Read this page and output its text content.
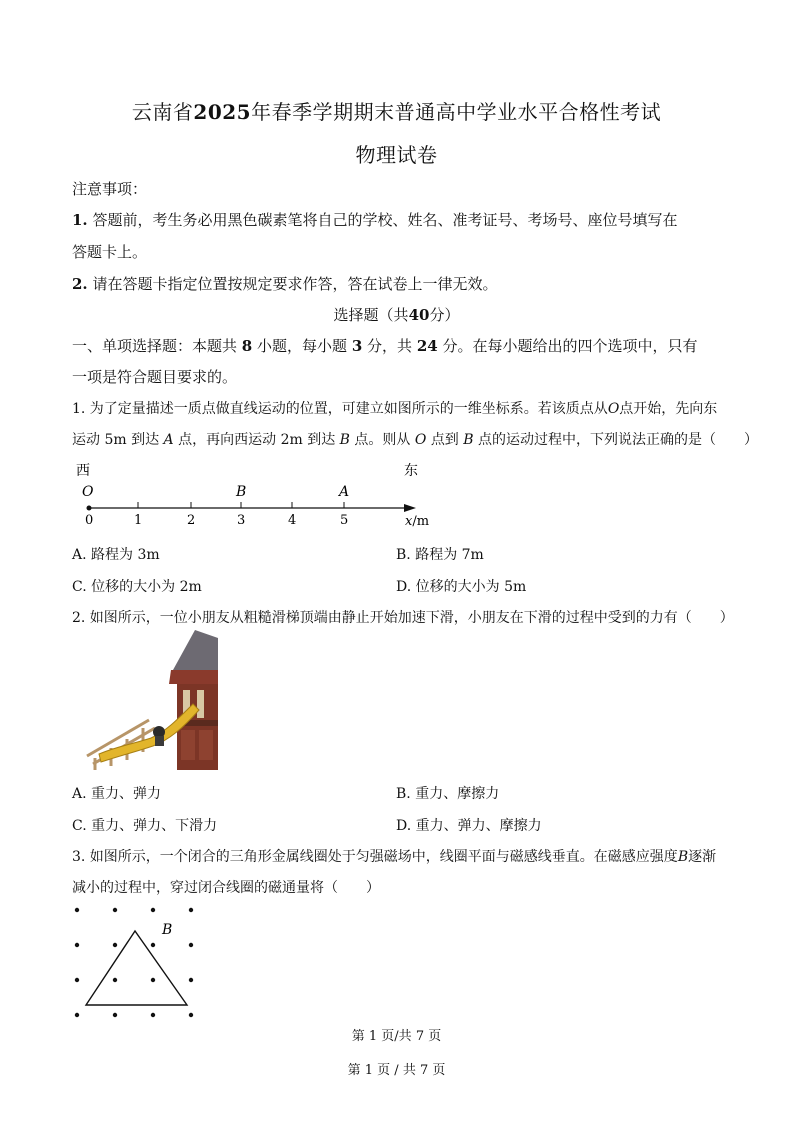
云南省2025年春季学期期末普通高中学业水平合格性考试
物理试卷
注意事项：
1. 答题前，考生务必用黑色碳素笔将自己的学校、姓名、准考证号、考场号、座位号填写在
答题卡上。
2. 请在答题卡指定位置按规定要求作答，答在试卷上一律无效。
选择题（共40分）
一、单项选择题：本题共 8 小题，每小题 3 分，共 24 分。在每小题给出的四个选项中，只有
一项是符合题目要求的。
1. 为了定量描述一质点做直线运动的位置，可建立如图所示的一维坐标系。若该质点从O点开始，先向东
运动 5m 到达 A 点，再向西运动 2m 到达 B 点。则从 O 点到 B 点的运动过程中，下列说法正确的是（　　）
西	东
O	B	A
0	1	2	3	4	5	x/m
A. 路程为 3m	B. 路程为 7m
C. 位移的大小为 2m	D. 位移的大小为 5m
2. 如图所示，一位小朋友从粗糙滑梯顶端由静止开始加速下滑，小朋友在下滑的过程中受到的力有（　　）
A. 重力、弹力	B. 重力、摩擦力
C. 重力、弹力、下滑力	D. 重力、弹力、摩擦力
3. 如图所示，一个闭合的三角形金属线圈处于匀强磁场中，线圈平面与磁感线垂直。在磁感应强度B逐渐
减小的过程中，穿过闭合线圈的磁通量将（　　）
B
第 1 页/共 7 页
第 1 页 / 共 7 页
